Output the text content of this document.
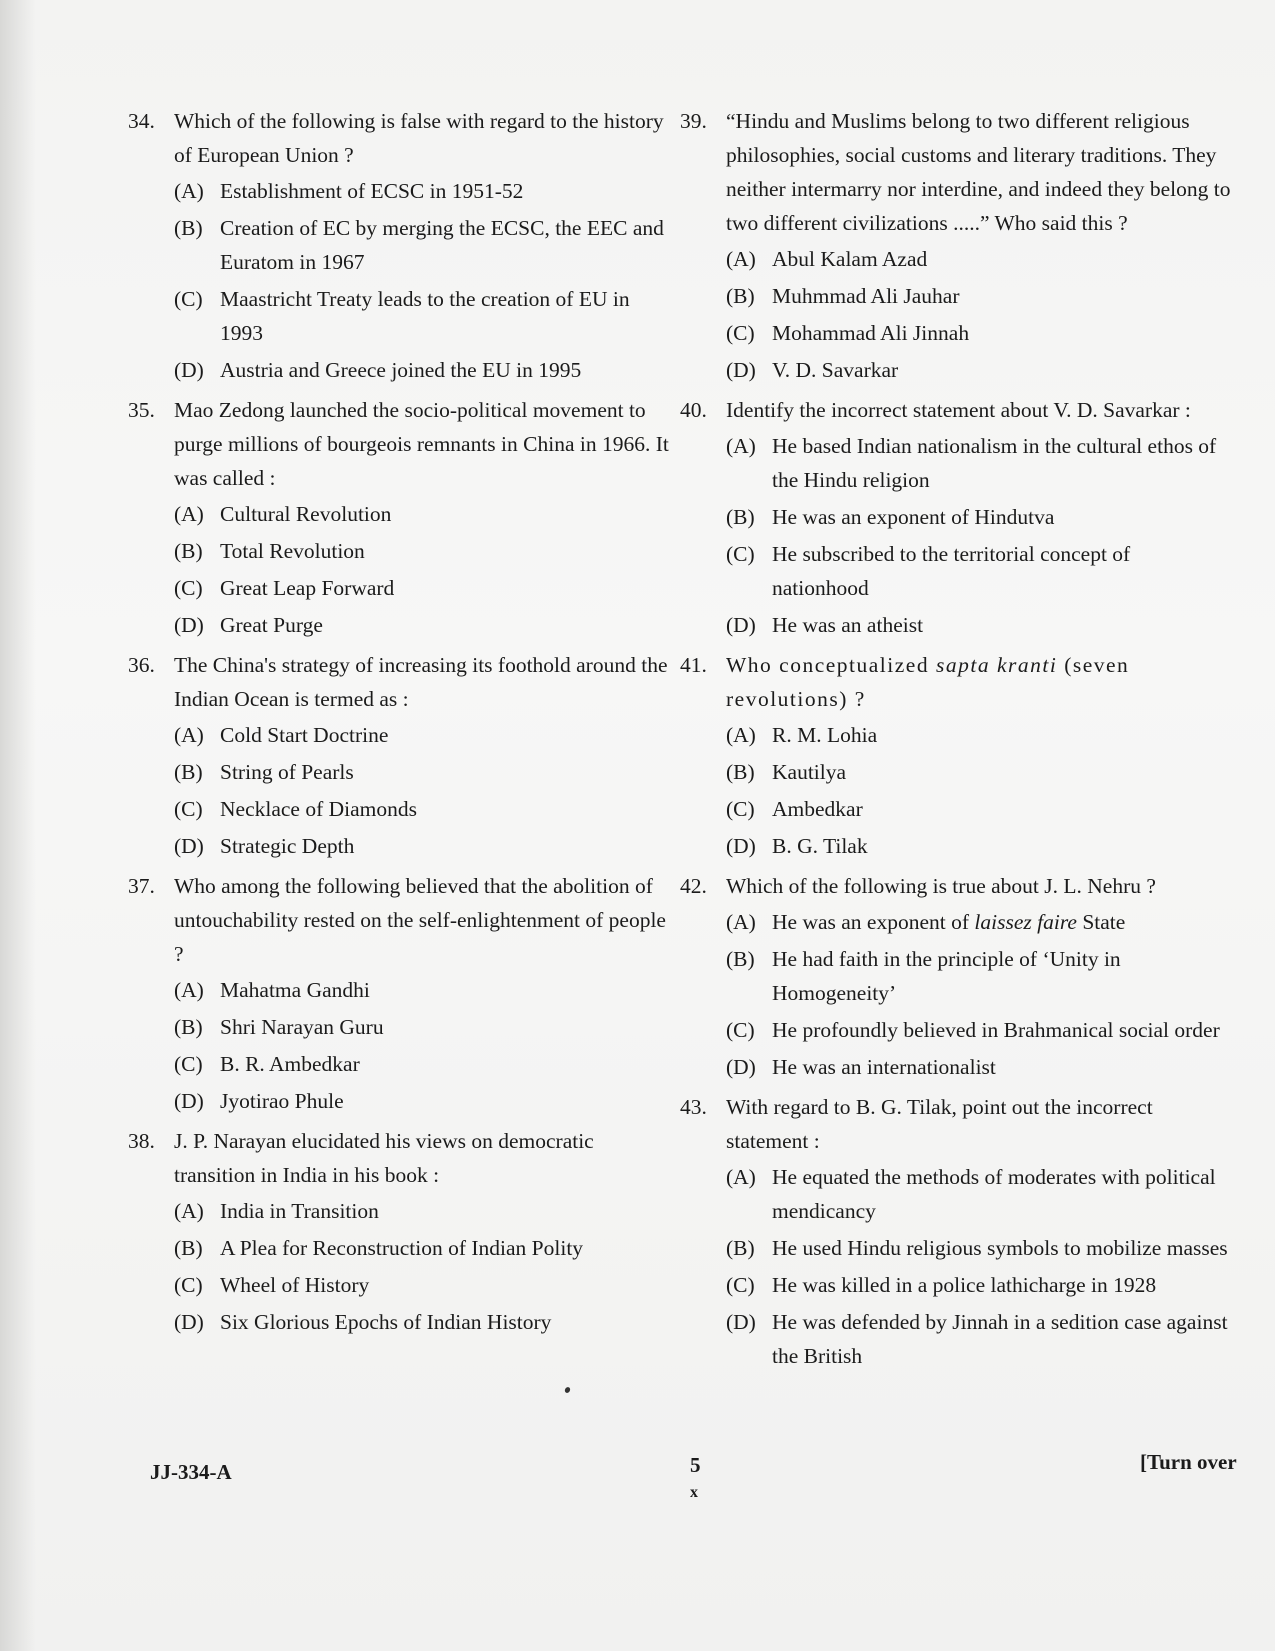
34. Which of the following is false with regard to the history of European Union ?

(A) Establishment of ECSC in 1951-52
(B) Creation of EC by merging the ECSC, the EEC and Euratom in 1967
(C) Maastricht Treaty leads to the creation of EU in 1993
(D) Austria and Greece joined the EU in 1995
35. Mao Zedong launched the socio-political movement to purge millions of bourgeois remnants in China in 1966. It was called :

(A) Cultural Revolution
(B) Total Revolution
(C) Great Leap Forward
(D) Great Purge
36. The China's strategy of increasing its foothold around the Indian Ocean is termed as :

(A) Cold Start Doctrine
(B) String of Pearls
(C) Necklace of Diamonds
(D) Strategic Depth
37. Who among the following believed that the abolition of untouchability rested on the self-enlightenment of people ?

(A) Mahatma Gandhi
(B) Shri Narayan Guru
(C) B. R. Ambedkar
(D) Jyotirao Phule
38. J. P. Narayan elucidated his views on democratic transition in India in his book :

(A) India in Transition
(B) A Plea for Reconstruction of Indian Polity
(C) Wheel of History
(D) Six Glorious Epochs of Indian History
39. “Hindu and Muslims belong to two different religious philosophies, social customs and literary traditions. They neither intermarry nor interdine, and indeed they belong to two different civilizations .....” Who said this ?

(A) Abul Kalam Azad
(B) Muhmmad Ali Jauhar
(C) Mohammad Ali Jinnah
(D) V. D. Savarkar
40. Identify the incorrect statement about V. D. Savarkar :

(A) He based Indian nationalism in the cultural ethos of the Hindu religion
(B) He was an exponent of Hindutva
(C) He subscribed to the territorial concept of nationhood
(D) He was an atheist
41. Who conceptualized sapta kranti (seven revolutions) ?

(A) R. M. Lohia
(B) Kautilya
(C) Ambedkar
(D) B. G. Tilak
42. Which of the following is true about J. L. Nehru ?

(A) He was an exponent of laissez faire State
(B) He had faith in the principle of ‘Unity in Homogeneity’
(C) He profoundly believed in Brahmanical social order
(D) He was an internationalist
43. With regard to B. G. Tilak, point out the incorrect statement :

(A) He equated the methods of moderates with political mendicancy
(B) He used Hindu religious symbols to mobilize masses
(C) He was killed in a police lathicharge in 1928
(D) He was defended by Jinnah in a sedition case against the British
JJ-334-A	5
x
[Turn over
